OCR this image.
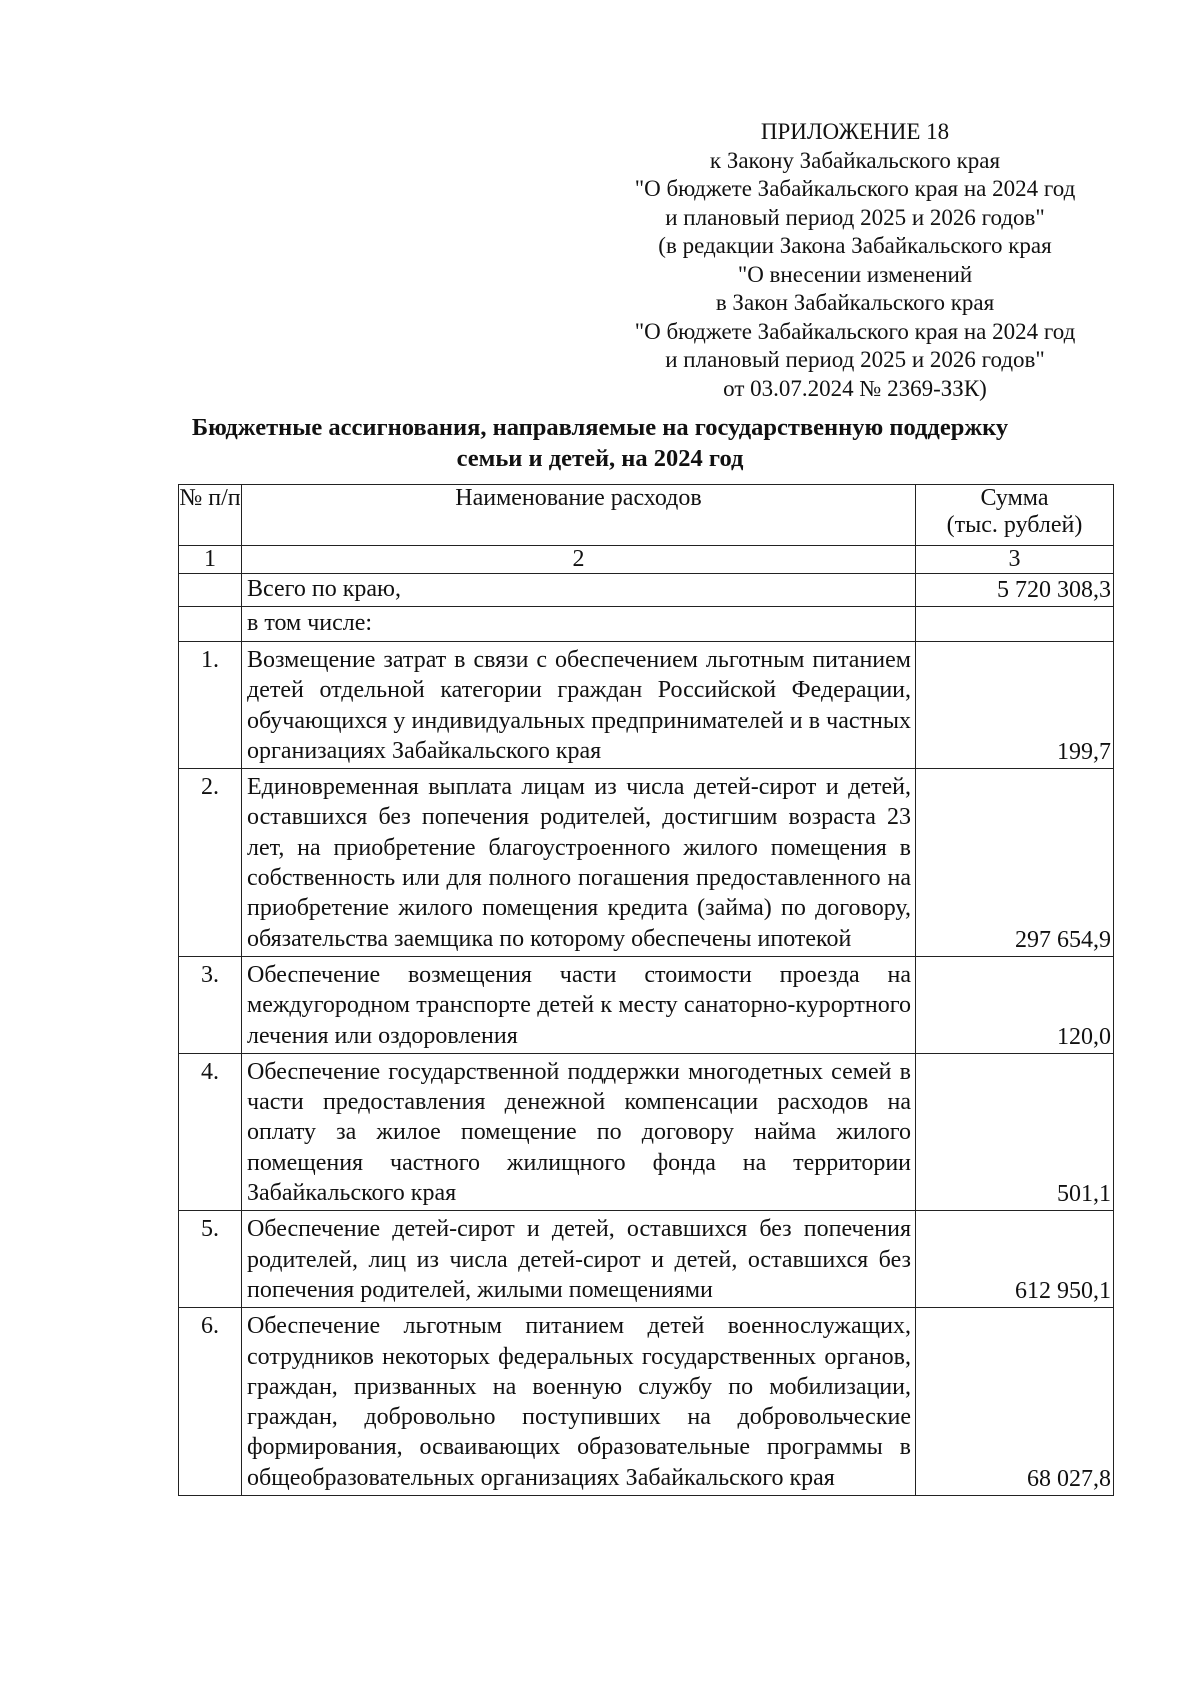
ПРИЛОЖЕНИЕ 18
к Закону Забайкальского края
"О бюджете Забайкальского края на 2024 год
и плановый период 2025 и 2026 годов"
(в редакции Закона Забайкальского края
"О внесении изменений
в Закон Забайкальского края
"О бюджете Забайкальского края на 2024 год
и плановый период 2025 и 2026 годов"
от 03.07.2024 № 2369-ЗЗК)
Бюджетные ассигнования, направляемые на государственную поддержку
семьи и детей, на 2024 год
№ п/п	Наименование расходов	Сумма
(тыс. рублей)

1	2	3
	Всего по краю,	5 720 308,3
	в том числе:	
1.	Возмещение затрат в связи с обеспечением льготным питанием детей отдельной категории граждан Российской Федерации, обучающихся у индивидуальных предпринимателей и в частных организациях Забайкальского края	199,7
2.	Единовременная выплата лицам из числа детей-сирот и детей, оставшихся без попечения родителей, достигшим возраста 23 лет, на приобретение благоустроенного жилого помещения в собственность или для полного погашения предоставленного на приобретение жилого помещения кредита (займа) по договору, обязательства заемщика по которому обеспечены ипотекой	297 654,9
3.	Обеспечение возмещения части стоимости проезда на междугородном транспорте детей к месту санаторно-курортного лечения или оздоровления	120,0
4.	Обеспечение государственной поддержки многодетных семей в части предоставления денежной компенсации расходов на оплату за жилое помещение по договору найма жилого помещения частного жилищного фонда на территории Забайкальского края	501,1
5.	Обеспечение детей-сирот и детей, оставшихся без попечения родителей, лиц из числа детей-сирот и детей, оставшихся без попечения родителей, жилыми помещениями	612 950,1
6.	Обеспечение льготным питанием детей военнослужащих, сотрудников некоторых федеральных государственных органов, граждан, призванных на военную службу по мобилизации, граждан, добровольно поступивших на добровольческие формирования, осваивающих образовательные программы в общеобразовательных организациях Забайкальского края	68 027,8
